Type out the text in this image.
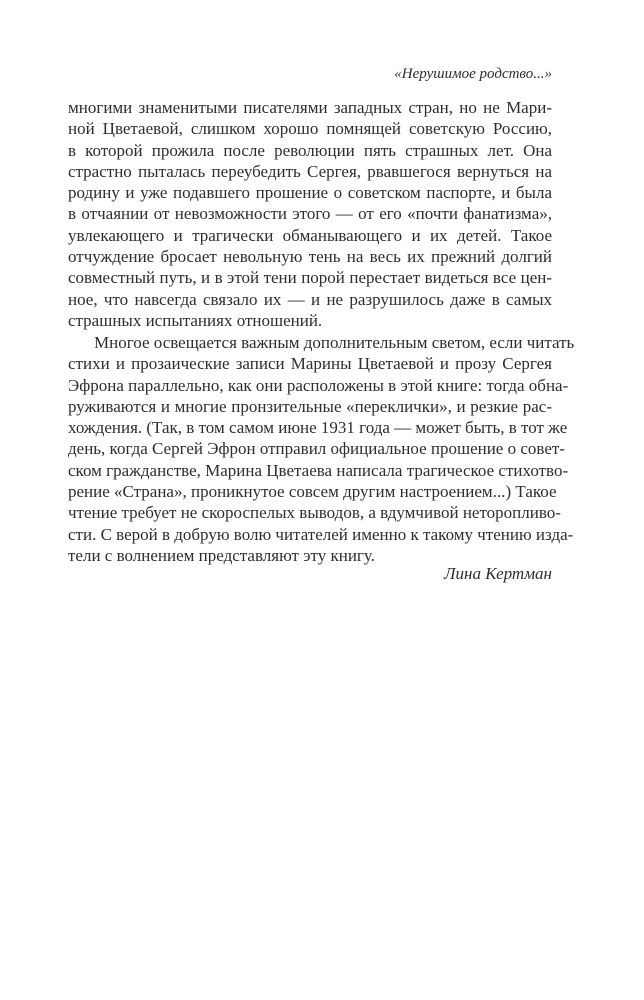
«Нерушимое родство...»
многими знаменитыми писателями западных стран, но не Мари-
ной Цветаевой, слишком хорошо помнящей советскую Россию,
в которой прожила после революции пять страшных лет. Она
страстно пыталась переубедить Сергея, рвавшегося вернуться на
родину и уже подавшего прошение о советском паспорте, и была
в отчаянии от невозможности этого — от его «почти фанатизма»,
увлекающего и трагически обманывающего и их детей. Такое
отчуждение бросает невольную тень на весь их прежний долгий
совместный путь, и в этой тени порой перестает видеться все цен-
ное, что навсегда связало их — и не разрушилось даже в самых
страшных испытаниях отношений.
Многое освещается важным дополнительным светом, если читать
стихи и прозаические записи Марины Цветаевой и прозу Сергея
Эфрона параллельно, как они расположены в этой книге: тогда обна-
руживаются и многие пронзительные «переклички», и резкие рас-
хождения. (Так, в том самом июне 1931 года — может быть, в тот же
день, когда Сергей Эфрон отправил официальное прошение о совет-
ском гражданстве, Марина Цветаева написала трагическое стихотво-
рение «Страна», проникнутое совсем другим настроением...) Такое
чтение требует не скороспелых выводов, а вдумчивой неторопливо-
сти. С верой в добрую волю читателей именно к такому чтению изда-
тели с волнением представляют эту книгу.
Лина Кертман
